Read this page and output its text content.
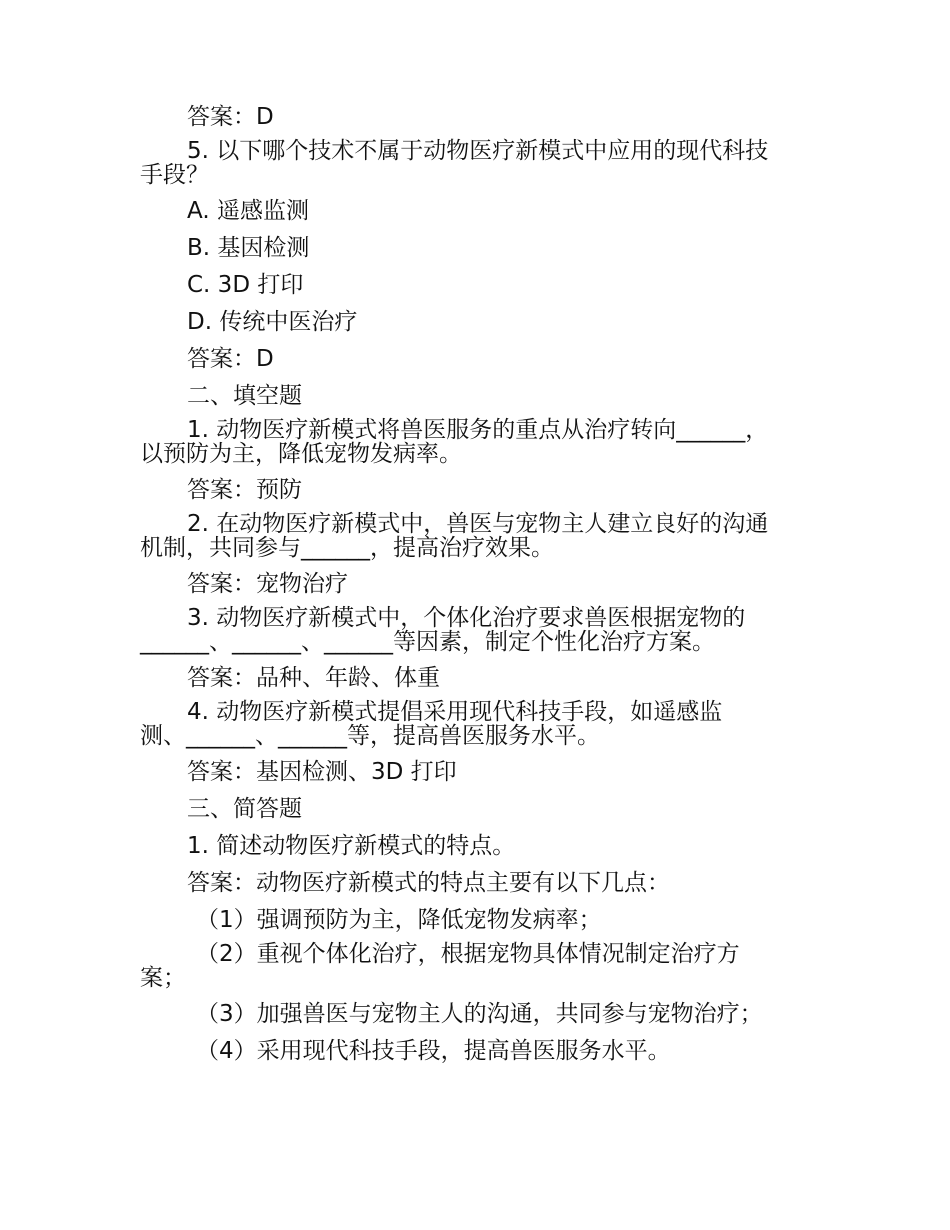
答案：D
5. 以下哪个技术不属于动物医疗新模式中应用的现代科技
手段？
A. 遥感监测
B. 基因检测
C. 3D 打印
D. 传统中医治疗
答案：D
二、填空题
1. 动物医疗新模式将兽医服务的重点从治疗转向______，
以预防为主，降低宠物发病率。
答案：预防
2. 在动物医疗新模式中，兽医与宠物主人建立良好的沟通
机制，共同参与______，提高治疗效果。
答案：宠物治疗
3. 动物医疗新模式中，个体化治疗要求兽医根据宠物的
______、______、______等因素，制定个性化治疗方案。
答案：品种、年龄、体重
4. 动物医疗新模式提倡采用现代科技手段，如遥感监
测、______、______等，提高兽医服务水平。
答案：基因检测、3D 打印
三、简答题
1. 简述动物医疗新模式的特点。
答案：动物医疗新模式的特点主要有以下几点：
（1）强调预防为主，降低宠物发病率；
（2）重视个体化治疗，根据宠物具体情况制定治疗方
案；
（3）加强兽医与宠物主人的沟通，共同参与宠物治疗；
（4）采用现代科技手段，提高兽医服务水平。
